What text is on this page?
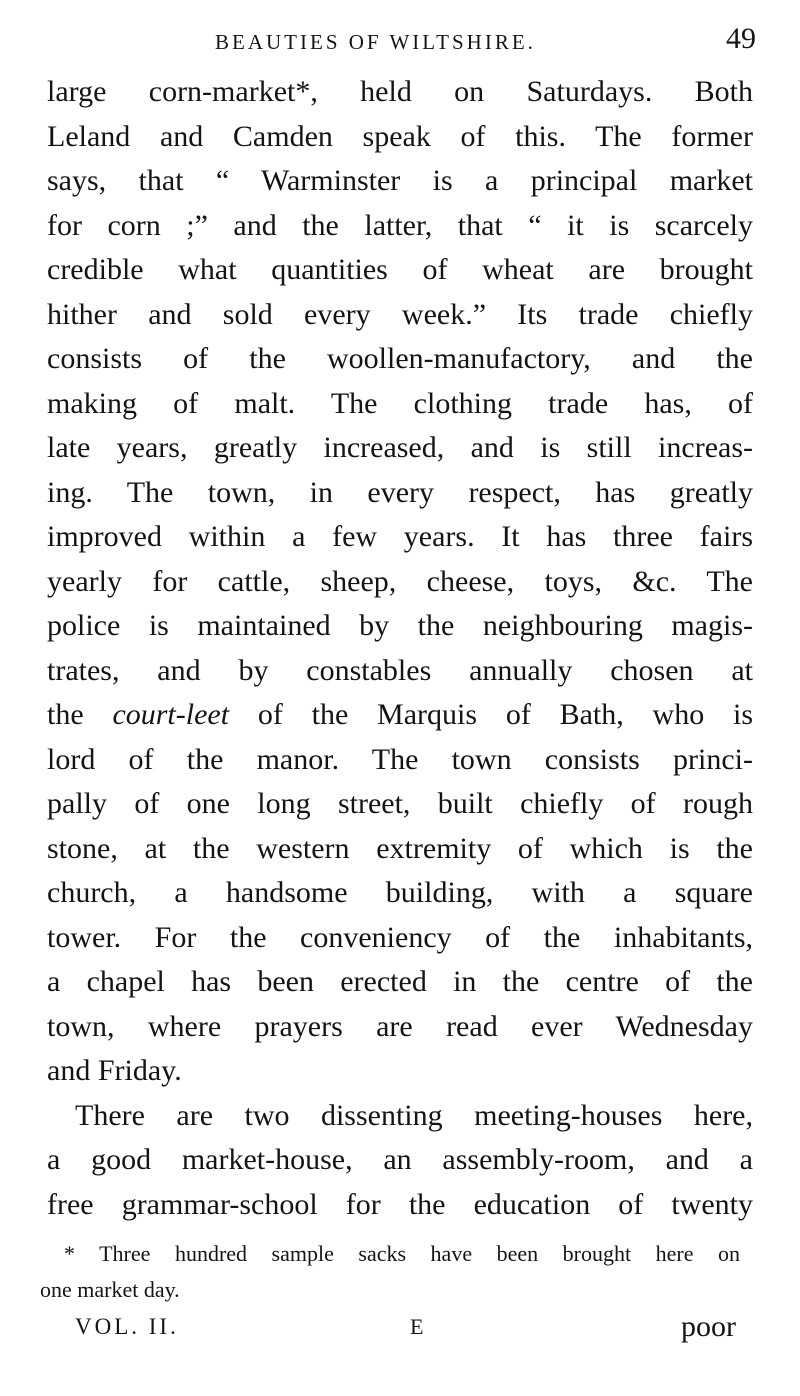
BEAUTIES OF WILTSHIRE.	49
large corn-market*, held on Saturdays. Both
Leland and Camden speak of this. The former
says, that “ Warminster is a principal market
for corn ;” and the latter, that “ it is scarcely
credible what quantities of wheat are brought
hither and sold every week.” Its trade chiefly
consists of the woollen-manufactory, and the
making of malt. The clothing trade has, of
late years, greatly increased, and is still increas-
ing. The town, in every respect, has greatly
improved within a few years. It has three fairs
yearly for cattle, sheep, cheese, toys, &c. The
police is maintained by the neighbouring magis-
trates, and by constables annually chosen at
the court-leet of the Marquis of Bath, who is
lord of the manor. The town consists princi-
pally of one long street, built chiefly of rough
stone, at the western extremity of which is the
church, a handsome building, with a square
tower. For the conveniency of the inhabitants,
a chapel has been erected in the centre of the
town, where prayers are read ever Wednesday
and Friday.
There are two dissenting meeting-houses here,
a good market-house, an assembly-room, and a
free grammar-school for the education of twenty
* Three hundred sample sacks have been brought here on
one market day.
VOL. II.	E	poor
